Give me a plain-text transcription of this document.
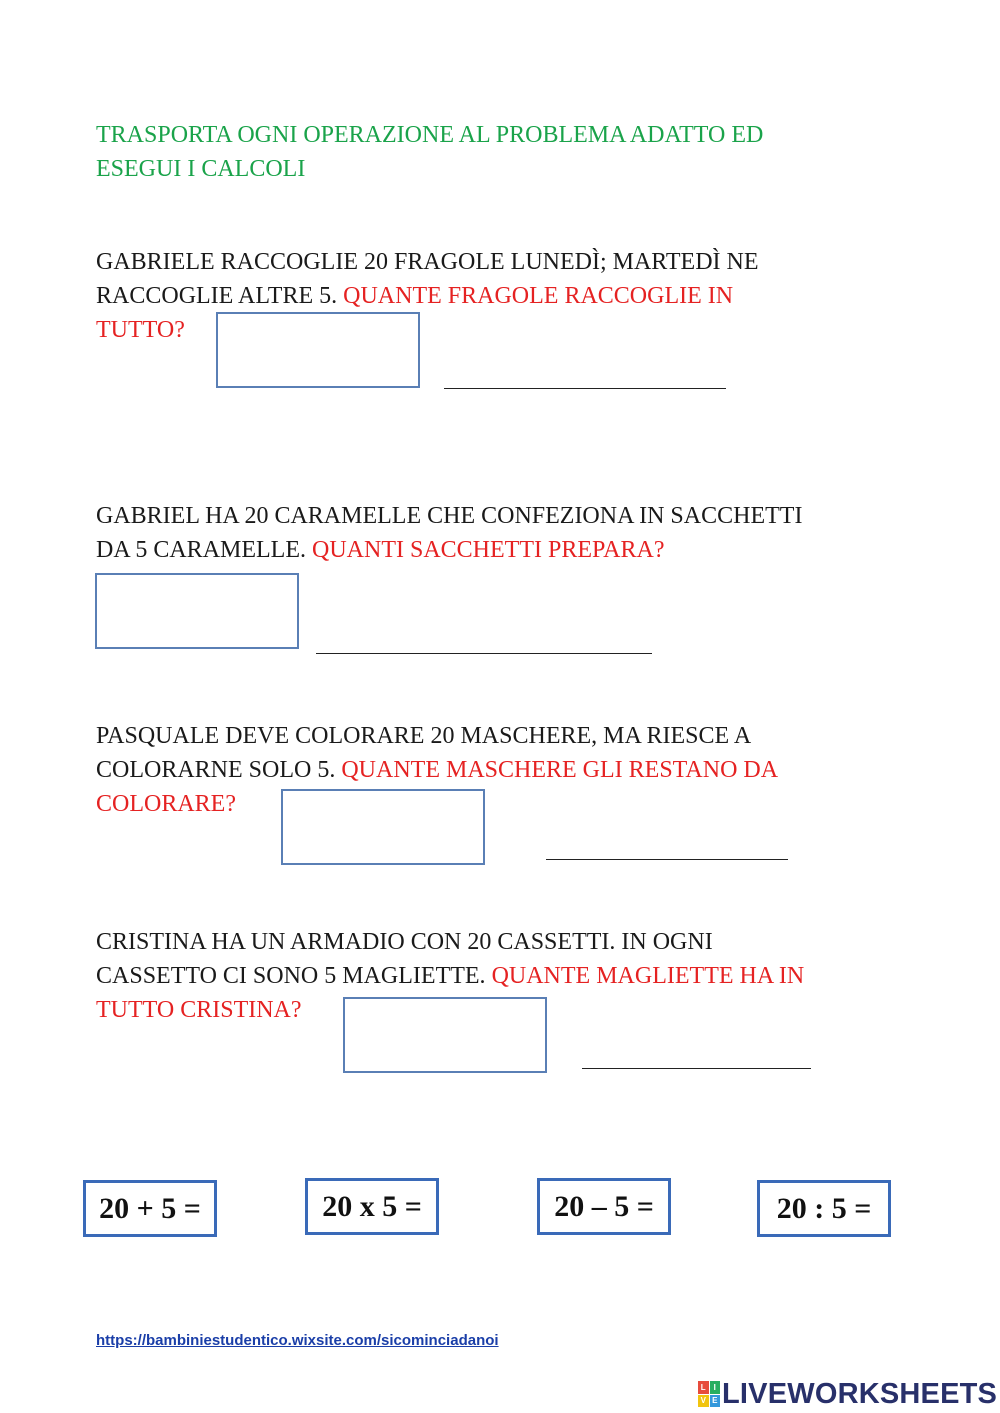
TRASPORTA OGNI OPERAZIONE AL PROBLEMA ADATTO ED
ESEGUI I CALCOLI
GABRIELE RACCOGLIE 20 FRAGOLE LUNEDÌ; MARTEDÌ NE
RACCOGLIE ALTRE 5. QUANTE FRAGOLE RACCOGLIE IN
TUTTO?
GABRIEL HA 20 CARAMELLE CHE CONFEZIONA IN SACCHETTI
DA 5 CARAMELLE. QUANTI SACCHETTI PREPARA?
PASQUALE DEVE COLORARE 20 MASCHERE, MA RIESCE A
COLORARNE SOLO 5. QUANTE MASCHERE GLI RESTANO DA
COLORARE?
CRISTINA HA UN ARMADIO CON 20 CASSETTI. IN OGNI
CASSETTO CI SONO 5 MAGLIETTE. QUANTE MAGLIETTE HA IN
TUTTO CRISTINA?
20 + 5 =	20 x 5 =	20 – 5 =	20 : 5 =
https://bambiniestudentico.wixsite.com/sicominciadanoi
L I
V E LIVEWORKSHEETS
